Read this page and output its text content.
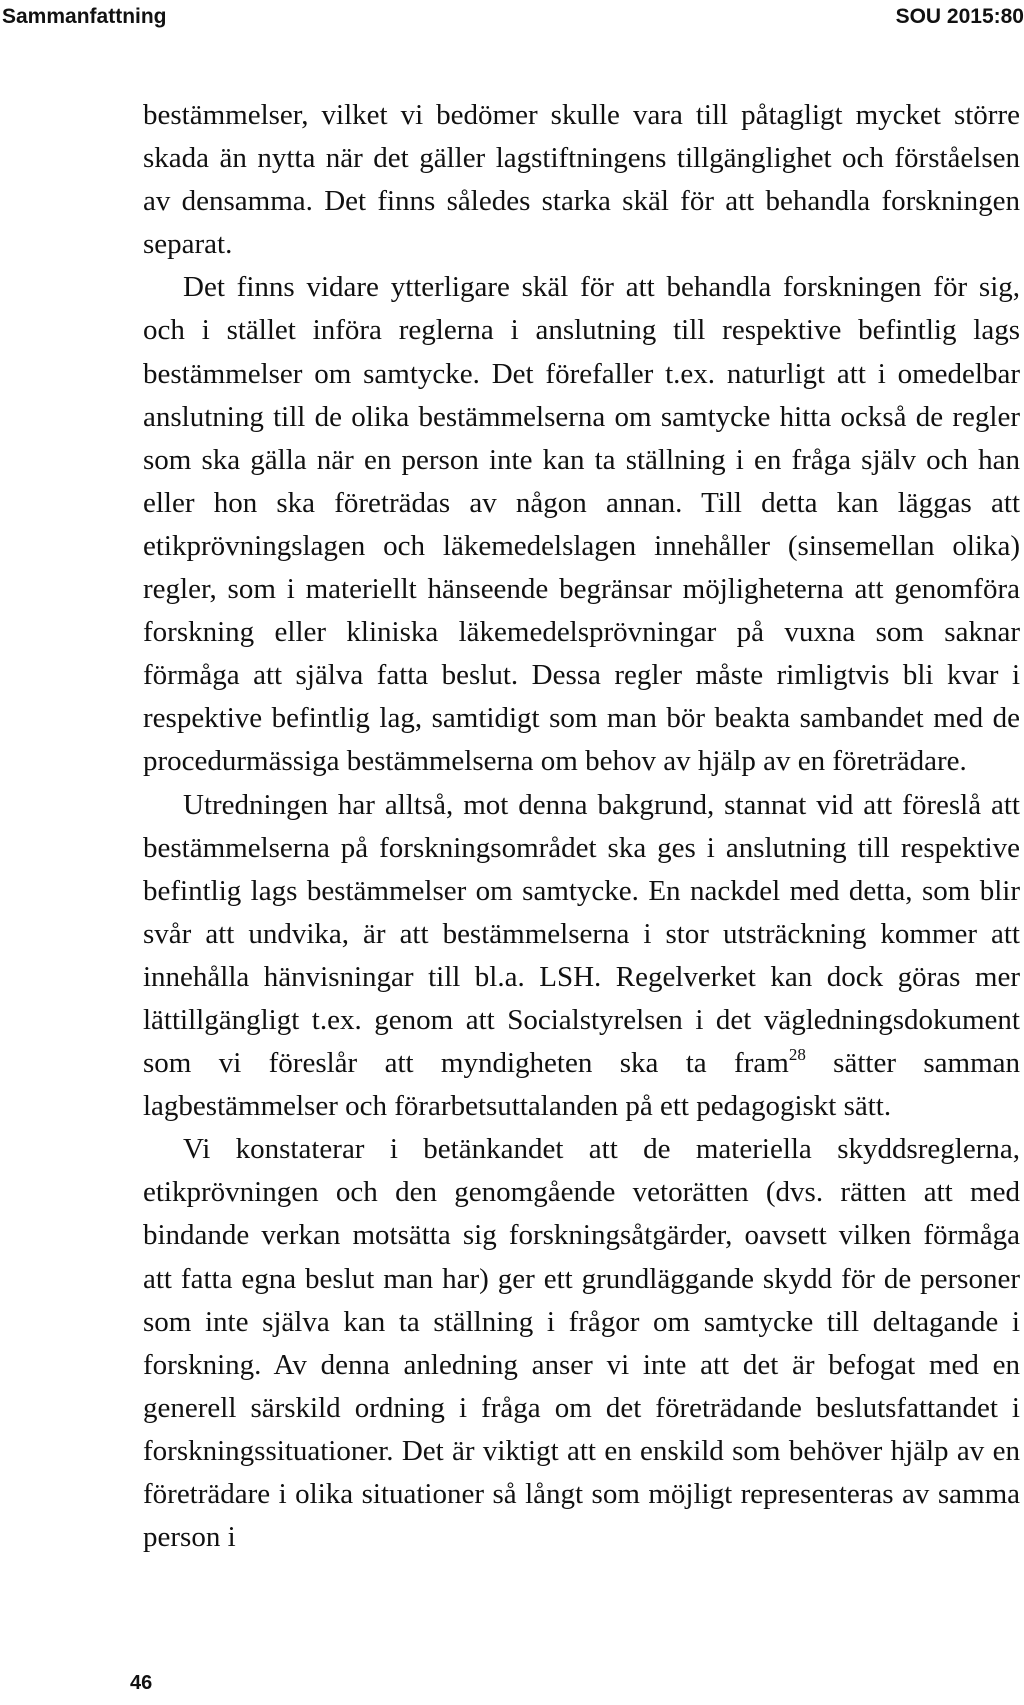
Sammanfattning	SOU 2015:80

bestämmelser, vilket vi bedömer skulle vara till påtagligt mycket större skada än nytta när det gäller lagstiftningens tillgänglighet och förståelsen av densamma. Det finns således starka skäl för att behandla forskningen separat.

Det finns vidare ytterligare skäl för att behandla forskningen för sig, och i stället införa reglerna i anslutning till respektive befintlig lags bestämmelser om samtycke. Det förefaller t.ex. naturligt att i omedelbar anslutning till de olika bestämmelserna om samtycke hitta också de regler som ska gälla när en person inte kan ta ställning i en fråga själv och han eller hon ska företrädas av någon annan. Till detta kan läggas att etikprövningslagen och läkemedelslagen innehåller (sinsemellan olika) regler, som i materiellt hänseende begränsar möjligheterna att genomföra forskning eller kliniska läkemedelsprövningar på vuxna som saknar förmåga att själva fatta beslut. Dessa regler måste rimligtvis bli kvar i respektive befintlig lag, samtidigt som man bör beakta sambandet med de procedurmässiga bestämmelserna om behov av hjälp av en företrädare.

Utredningen har alltså, mot denna bakgrund, stannat vid att föreslå att bestämmelserna på forskningsområdet ska ges i anslutning till respektive befintlig lags bestämmelser om samtycke. En nackdel med detta, som blir svår att undvika, är att bestämmelserna i stor utsträckning kommer att innehålla hänvisningar till bl.a. LSH. Regelverket kan dock göras mer lättillgängligt t.ex. genom att Socialstyrelsen i det vägledningsdokument som vi föreslår att myndigheten ska ta fram$^{28}$ sätter samman lagbestämmelser och förarbetsuttalanden på ett pedagogiskt sätt.

Vi konstaterar i betänkandet att de materiella skyddsreglerna, etikprövningen och den genomgående vetorätten (dvs. rätten att med bindande verkan motsätta sig forskningsåtgärder, oavsett vilken förmåga att fatta egna beslut man har) ger ett grundläggande skydd för de personer som inte själva kan ta ställning i frågor om samtycke till deltagande i forskning. Av denna anledning anser vi inte att det är befogat med en generell särskild ordning i fråga om det företrädande beslutsfattandet i forskningssituationer. Det är viktigt att en enskild som behöver hjälp av en företrädare i olika situationer så långt som möjligt representeras av samma person i

46
